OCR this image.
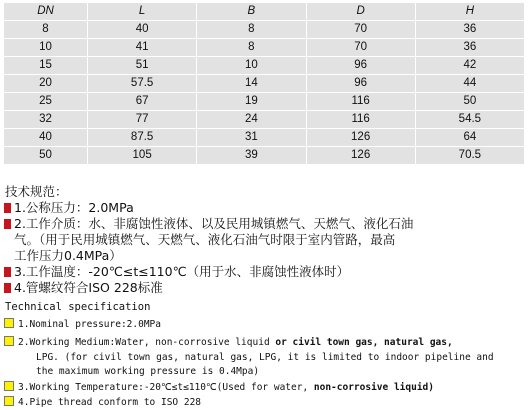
DN	L	B	D	H
8	40	8	70	36
10	41	8	70	36
15	51	10	96	42
20	57.5	14	96	44
25	67	19	116	50
32	77	24	116	54.5
40	87.5	31	126	64
50	105	39	126	70.5
技术规范：
1.公称压力：2.0MPa
2.工作介质：水、非腐蚀性液体、以及民用城镇燃气、天燃气、液化石油
气。（用于民用城镇燃气、天燃气、液化石油气时限于室内管路，最高
工作压力0.4MPa）
3.工作温度：-20℃≤t≤110℃（用于水、非腐蚀性液体时）
4.管螺纹符合ISO 228标准
Technical specification
1.Nominal pressure:2.0MPa
2.Working Medium:Water, non-corrosive liquid or civil town gas, natural gas,
LPG. (for civil town gas, natural gas, LPG, it is limited to indoor pipeline and
the maximum working pressure is 0.4Mpa)
3.Working Temperature:-20℃≤t≤110℃(Used for water, non-corrosive liquid)
4.Pipe thread conform to ISO 228
